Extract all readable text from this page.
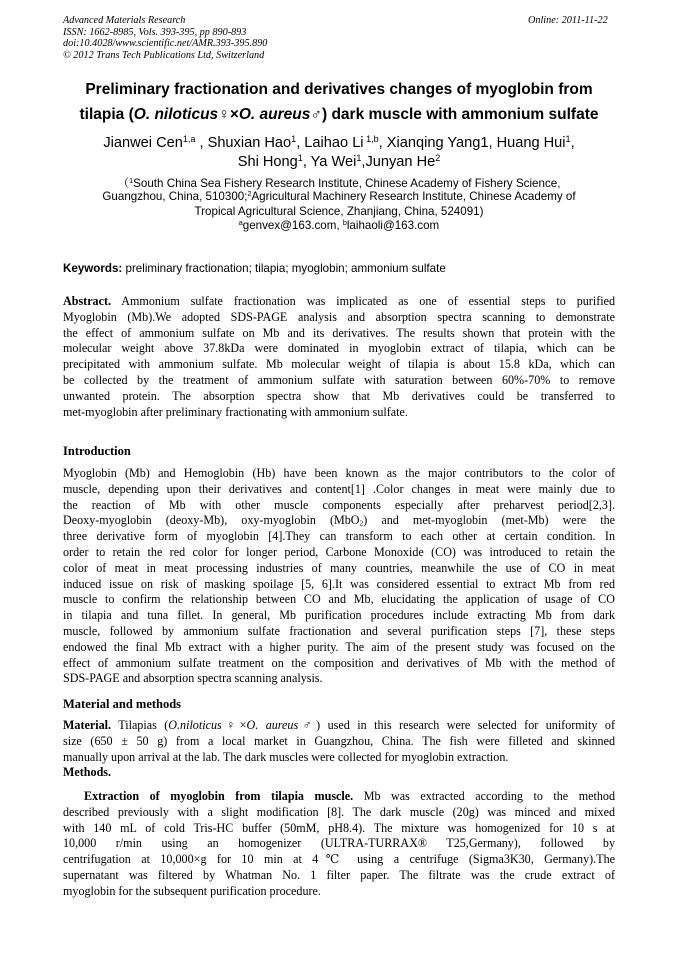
Advanced Materials Research
ISSN: 1662-8985, Vols. 393-395, pp 890-893
doi:10.4028/www.scientific.net/AMR.393-395.890
© 2012 Trans Tech Publications Ltd, Switzerland
Online: 2011-11-22
Preliminary fractionation and derivatives changes of myoglobin from
tilapia (O. niloticus♀×O. aureus♂) dark muscle with ammonium sulfate
Jianwei Cen$^{1,a}$ , Shuxian Hao$^1$, Laihao Li $^{1,b}$, Xianqing Yang1, Huang Hui$^1$,
Shi Hong$^1$, Ya Wei$^1$,Junyan He$^2$
（$^1$South China Sea Fishery Research Institute, Chinese Academy of Fishery Science,
Guangzhou, China, 510300;$^2$Agricultural Machinery Research Institute, Chinese Academy of
Tropical Agricultural Science, Zhanjiang, China, 524091)
$^a$genvex@163.com, $^b$laihaoli@163.com
Keywords: preliminary fractionation; tilapia; myoglobin; ammonium sulfate
Abstract. Ammonium sulfate fractionation was implicated as one of essential steps to purified
Myoglobin (Mb).We adopted SDS-PAGE analysis and absorption spectra scanning to demonstrate
the effect of ammonium sulfate on Mb and its derivatives. The results shown that protein with the
molecular weight above 37.8kDa were dominated in myoglobin extract of tilapia, which can be
precipitated with ammonium sulfate. Mb molecular weight of tilapia is about 15.8 kDa, which can
be collected by the treatment of ammonium sulfate with saturation between 60%-70% to remove
unwanted protein. The absorption spectra show that Mb derivatives could be transferred to
met-myoglobin after preliminary fractionating with ammonium sulfate.
Introduction
Myoglobin (Mb) and Hemoglobin (Hb) have been known as the major contributors to the color of
muscle, depending upon their derivatives and content[1] .Color changes in meat were mainly due to
the reaction of Mb with other muscle components especially after preharvest period[2,3].
Deoxy-myoglobin (deoxy-Mb), oxy-myoglobin (MbO$_2$) and met-myoglobin (met-Mb) were the
three derivative form of myoglobin [4].They can transform to each other at certain condition. In
order to retain the red color for longer period, Carbone Monoxide (CO) was introduced to retain the
color of meat in meat processing industries of many countries, meanwhile the use of CO in meat
induced issue on risk of masking spoilage [5, 6].It was considered essential to extract Mb from red
muscle to confirm the relationship between CO and Mb, elucidating the application of usage of CO
in tilapia and tuna fillet. In general, Mb purification procedures include extracting Mb from dark
muscle, followed by ammonium sulfate fractionation and several purification steps [7], these steps
endowed the final Mb extract with a higher purity. The aim of the present study was focused on the
effect of ammonium sulfate treatment on the composition and derivatives of Mb with the method of
SDS-PAGE and absorption spectra scanning analysis.
Material and methods
Material. Tilapias (O.niloticus♀×O. aureus♂) used in this research were selected for uniformity of
size (650 ± 50 g) from a local market in Guangzhou, China. The fish were filleted and skinned
manually upon arrival at the lab. The dark muscles were collected for myoglobin extraction.
Methods.
Extraction of myoglobin from tilapia muscle. Mb was extracted according to the method
described previously with a slight modification [8]. The dark muscle (20g) was minced and mixed
with 140 mL of cold Tris-HC buffer (50mM, pH8.4). The mixture was homogenized for 10 s at
10,000 r/min using an homogenizer (ULTRA-TURRAX® T25,Germany), followed by
centrifugation at 10,000×g for 10 min at 4℃ using a centrifuge (Sigma3K30, Germany).The
supernatant was filtered by Whatman No. 1 filter paper. The filtrate was the crude extract of
myoglobin for the subsequent purification procedure.
